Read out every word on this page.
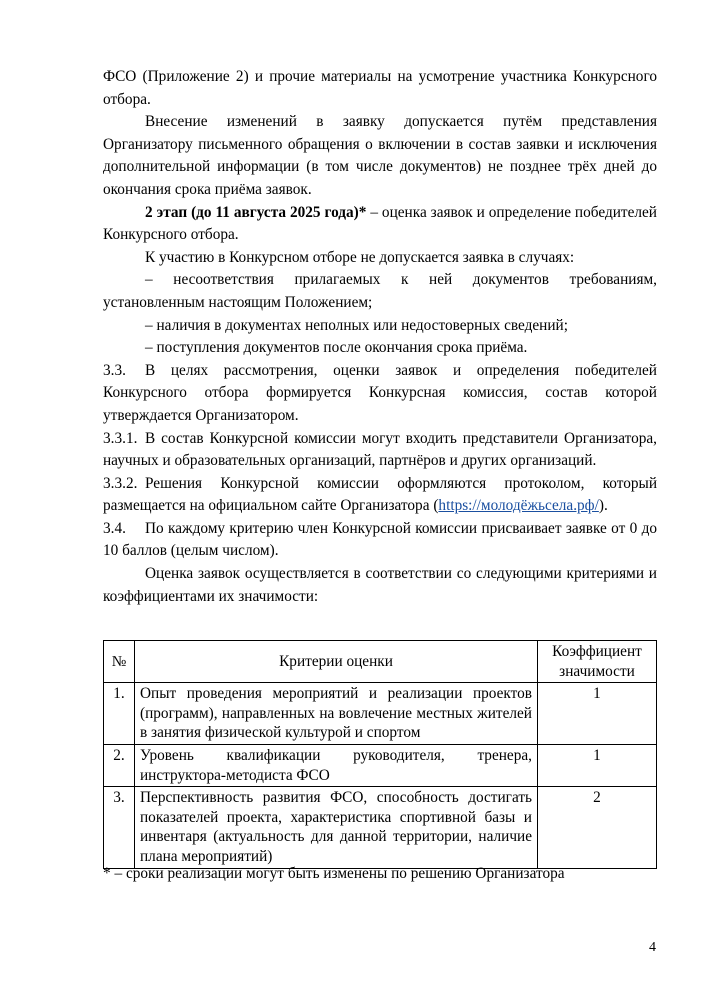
ФСО (Приложение 2) и прочие материалы на усмотрение участника Конкурсного отбора.

Внесение изменений в заявку допускается путём представления Организатору письменного обращения о включении в состав заявки и исключения дополнительной информации (в том числе документов) не позднее трёх дней до окончания срока приёма заявок.

2 этап (до 11 августа 2025 года)* – оценка заявок и определение победителей Конкурсного отбора.

К участию в Конкурсном отборе не допускается заявка в случаях:

– несоответствия прилагаемых к ней документов требованиям, установленным настоящим Положением;

– наличия в документах неполных или недостоверных сведений;

– поступления документов после окончания срока приёма.

3.3. В целях рассмотрения, оценки заявок и определения победителей Конкурсного отбора формируется Конкурсная комиссия, состав которой утверждается Организатором.

3.3.1. В состав Конкурсной комиссии могут входить представители Организатора, научных и образовательных организаций, партнёров и других организаций.

3.3.2. Решения Конкурсной комиссии оформляются протоколом, который размещается на официальном сайте Организатора (https://молодёжьсела.рф/).

3.4. По каждому критерию член Конкурсной комиссии присваивает заявке от 0 до 10 баллов (целым числом).

Оценка заявок осуществляется в соответствии со следующими критериями и коэффициентами их значимости:

№	Критерии оценки	Коэффициент значимости
1.	Опыт проведения мероприятий и реализации проектов (программ), направленных на вовлечение местных жителей в занятия физической культурой и спортом	1
2.	Уровень квалификации руководителя, тренера, инструктора-методиста ФСО	1
3.	Перспективность развития ФСО, способность достигать показателей проекта, характеристика спортивной базы и инвентаря (актуальность для данной территории, наличие плана мероприятий)	2

* – сроки реализации могут быть изменены по решению Организатора

4
